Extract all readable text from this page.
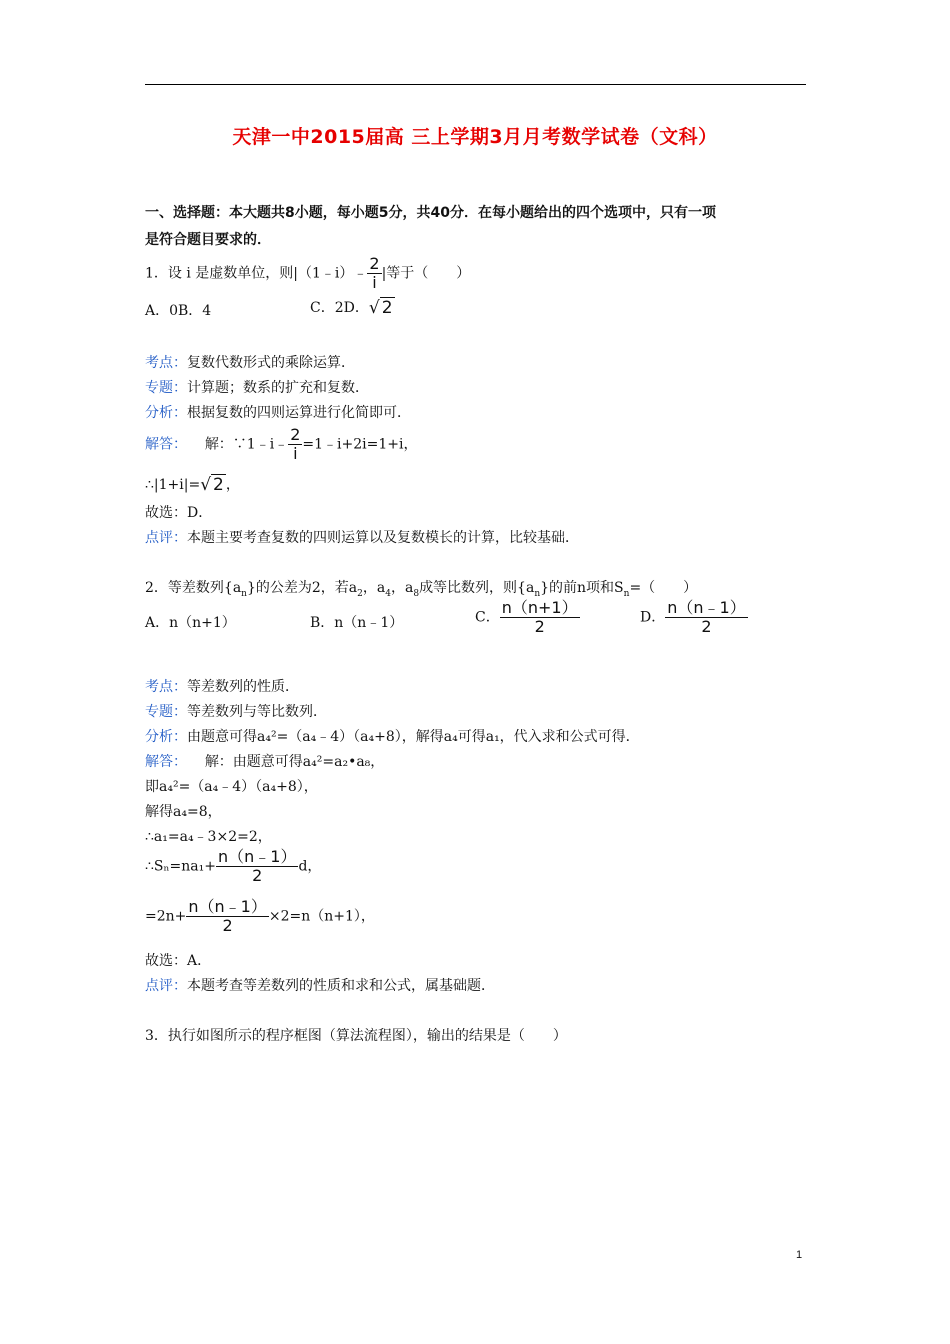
天津一中2015届高 三上学期3月月考数学试卷（文科）
一、选择题：本大题共8小题，每小题5分，共40分．在每小题给出的四个选项中，只有一项
是符合题目要求的．
1．设 i 是虚数单位，则|（1﹣i）﹣ $\frac{2}{i}$ |等于（　　）
A．0B．4	C．2D．√ 2
考点：复数代数形式的乘除运算．
专题：计算题；数系的扩充和复数．
分析：根据复数的四则运算进行化简即可．
解答： 解：∵1﹣i﹣ $\frac{2}{i}$ =1﹣i+2i=1+i，
∴|1+i|=√ 2 ，
故选：D．
点评：本题主要考查复数的四则运算以及复数模长的计算，比较基础．
2．等差数列$\{a_n\}$的公差为2，若$a_2$，$a_4$，$a_8$成等比数列，则$\{a_n\}$的前n项和$S_n=$（　　）
A．n（n+1）	B．n（n﹣1）	C． $\frac{n(n+1)}{2}$	D． $\frac{n(n﹣1)}{2}$
考点：等差数列的性质．
专题：等差数列与等比数列．
分析：由题意可得a₄²=（a₄﹣4）（a₄+8），解得a₄可得a₁，代入求和公式可得．
解答： 解：由题意可得a₄²=a₂•a₈，
即a₄²=（a₄﹣4）（a₄+8），
解得a₄=8，
∴a₁=a₄﹣3×2=2，
∴Sₙ=na₁+ $\frac{n(n﹣1)}{2}$ d，
$=2n+ \frac{n(n﹣1)}{2} \times 2=n(n+1)$，
故选：A．
点评：本题考查等差数列的性质和求和公式，属基础题．
3．执行如图所示的程序框图（算法流程图），输出的结果是（　　）
1
